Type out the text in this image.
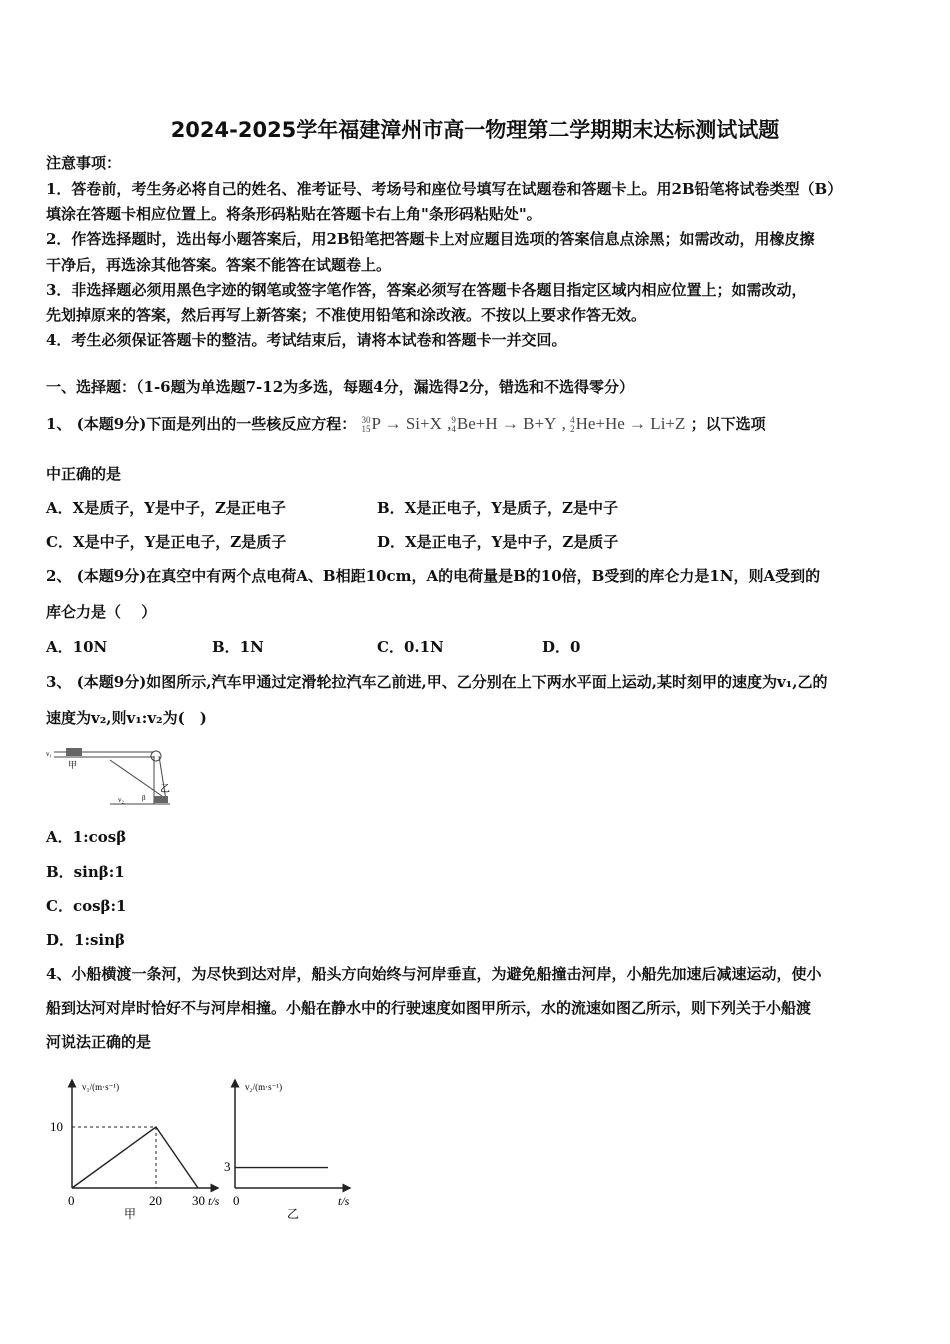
2024-2025学年福建漳州市高一物理第二学期期末达标测试试题
注意事项：
1．答卷前，考生务必将自己的姓名、准考证号、考场号和座位号填写在试题卷和答题卡上。用2B铅笔将试卷类型（B）
填涂在答题卡相应位置上。将条形码粘贴在答题卡右上角"条形码粘贴处"。
2．作答选择题时，选出每小题答案后，用2B铅笔把答题卡上对应题目选项的答案信息点涂黑；如需改动，用橡皮擦
干净后，再选涂其他答案。答案不能答在试题卷上。
3．非选择题必须用黑色字迹的钢笔或签字笔作答，答案必须写在答题卡各题目指定区域内相应位置上；如需改动，
先划掉原来的答案，然后再写上新答案；不准使用铅笔和涂改液。不按以上要求作答无效。
4．考生必须保证答题卡的整洁。考试结束后，请将本试卷和答题卡一并交回。
一、选择题：（1-6题为单选题7-12为多选，每题4分，漏选得2分，错选和不选得零分）
1、 (本题9分)下面是列出的一些核反应方程： 30
15 P → Si+X , 9
4 Be+H → B+Y , 4
2 He+He → Li+Z ；以下选项
中正确的是
A．X是质子，Y是中子，Z是正电子	B．X是正电子，Y是质子，Z是中子
C．X是中子，Y是正电子，Z是质子	D．X是正电子，Y是中子，Z是质子
2、 (本题9分)在真空中有两个点电荷A、B相距10cm，A的电荷量是B的10倍，B受到的库仑力是1N，则A受到的
库仑力是（　 ）
A．10N	B．1N	C．0.1N	D．0
3、 (本题9分)如图所示,汽车甲通过定滑轮拉汽车乙前进,甲、乙分别在上下两水平面上运动,某时刻甲的速度为v₁,乙的
速度为v₂,则v₁:v₂为(　)
v₁
甲
v₂	β
乙
A．1:cosβ
B．sinβ:1
C．cosβ:1
D．1:sinβ
4、小船横渡一条河，为尽快到达对岸，船头方向始终与河岸垂直，为避免船撞击河岸，小船先加速后减速运动，使小
船到达河对岸时恰好不与河岸相撞。小船在静水中的行驶速度如图甲所示，水的流速如图乙所示，则下列关于小船渡
河说法正确的是
v₁/(m·s⁻¹)
10
0	20 30 t/s
甲
v₂/(m·s⁻¹)
3
0	t/s
乙
